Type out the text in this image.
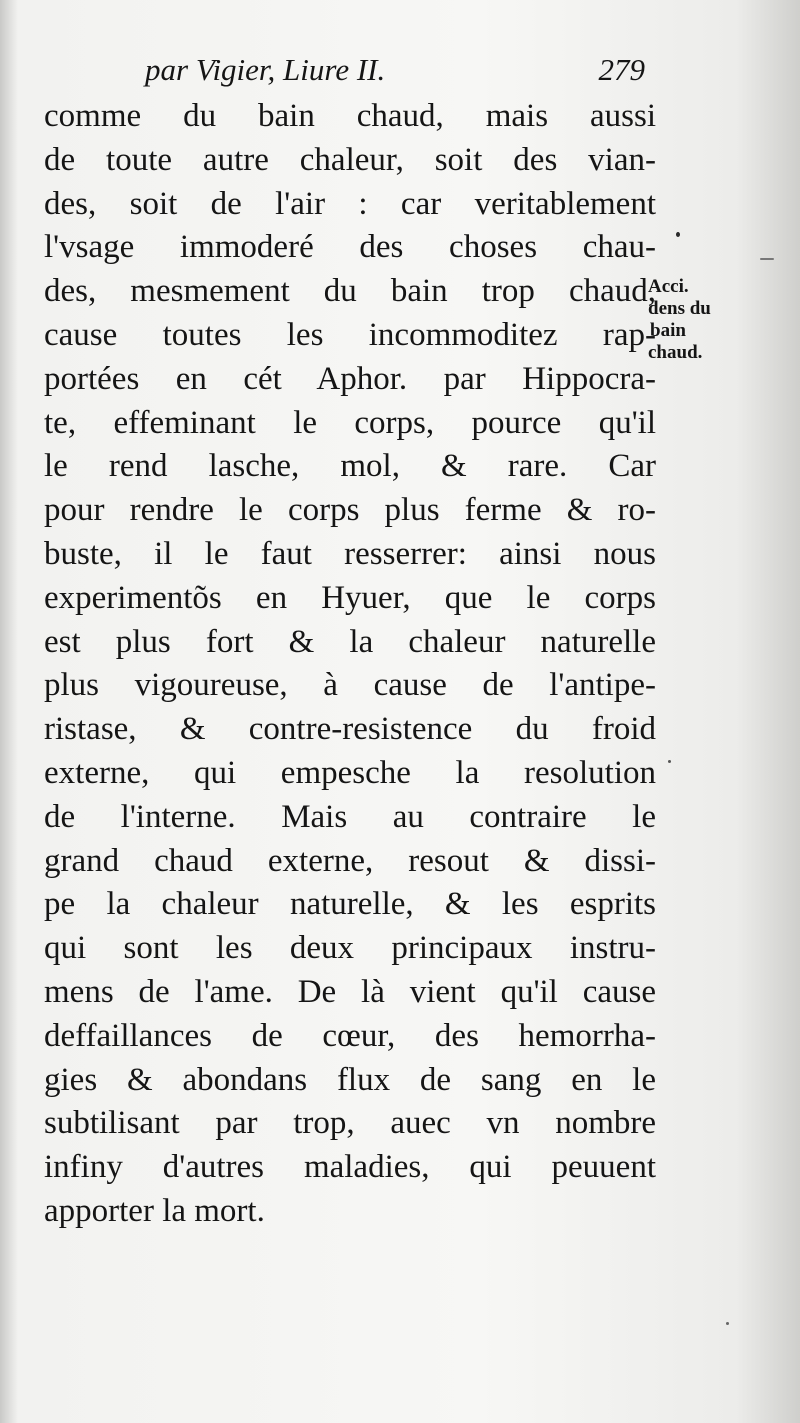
par Vigier, Liure II.	279
comme du bain chaud, mais aussi
de toute autre chaleur, soit des vian-
des, soit de l'air : car veritablement
l'vsage immoderé des choses chau-
des, mesmement du bain trop chaud,
cause toutes les incommoditez rap-
portées en cét Aphor. par Hippocra-
te, effeminant le corps, pource qu'il
le rend lasche, mol, & rare. Car
pour rendre le corps plus ferme & ro-
buste, il le faut resserrer: ainsi nous
experimentõs en Hyuer, que le corps
est plus fort & la chaleur naturelle
plus vigoureuse, à cause de l'antipe-
ristase, & contre-resistence du froid
externe, qui empesche la resolution
de l'interne. Mais au contraire le
grand chaud externe, resout & dissi-
pe la chaleur naturelle, & les esprits
qui sont les deux principaux instru-
mens de l'ame. De là vient qu'il cause
deffaillances de cœur, des hemorrha-
gies & abondans flux de sang en le
subtilisant par trop, auec vn nombre
infiny d'autres maladies, qui peuuent
apporter la mort.
Acci.
dens du
bain
chaud.
